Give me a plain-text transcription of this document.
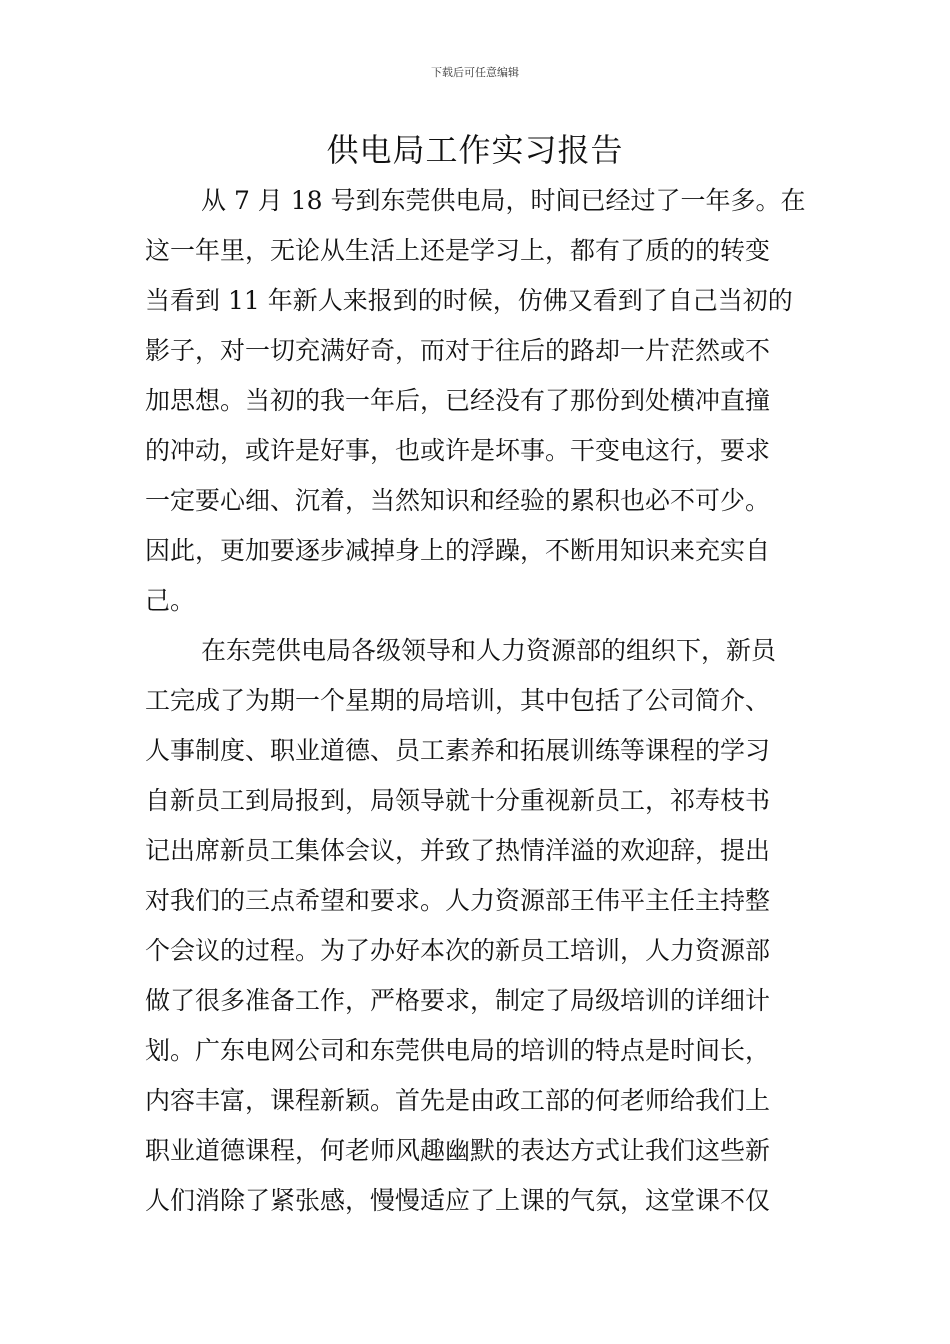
下载后可任意编辑
供电局工作实习报告
从 7 月 18 号到东莞供电局，时间已经过了一年多。在
这一年里，无论从生活上还是学习上，都有了质的的转变
当看到 11 年新人来报到的时候，仿佛又看到了自己当初的
影子，对一切充满好奇，而对于往后的路却一片茫然或不
加思想。当初的我一年后，已经没有了那份到处横冲直撞
的冲动，或许是好事，也或许是坏事。干变电这行，要求
一定要心细、沉着，当然知识和经验的累积也必不可少。
因此，更加要逐步减掉身上的浮躁，不断用知识来充实自
己。
在东莞供电局各级领导和人力资源部的组织下，新员
工完成了为期一个星期的局培训，其中包括了公司简介、
人事制度、职业道德、员工素养和拓展训练等课程的学习
自新员工到局报到，局领导就十分重视新员工，祁寿枝书
记出席新员工集体会议，并致了热情洋溢的欢迎辞，提出
对我们的三点希望和要求。人力资源部王伟平主任主持整
个会议的过程。为了办好本次的新员工培训，人力资源部
做了很多准备工作，严格要求，制定了局级培训的详细计
划。广东电网公司和东莞供电局的培训的特点是时间长，
内容丰富，课程新颖。首先是由政工部的何老师给我们上
职业道德课程，何老师风趣幽默的表达方式让我们这些新
人们消除了紧张感，慢慢适应了上课的气氛，这堂课不仅
